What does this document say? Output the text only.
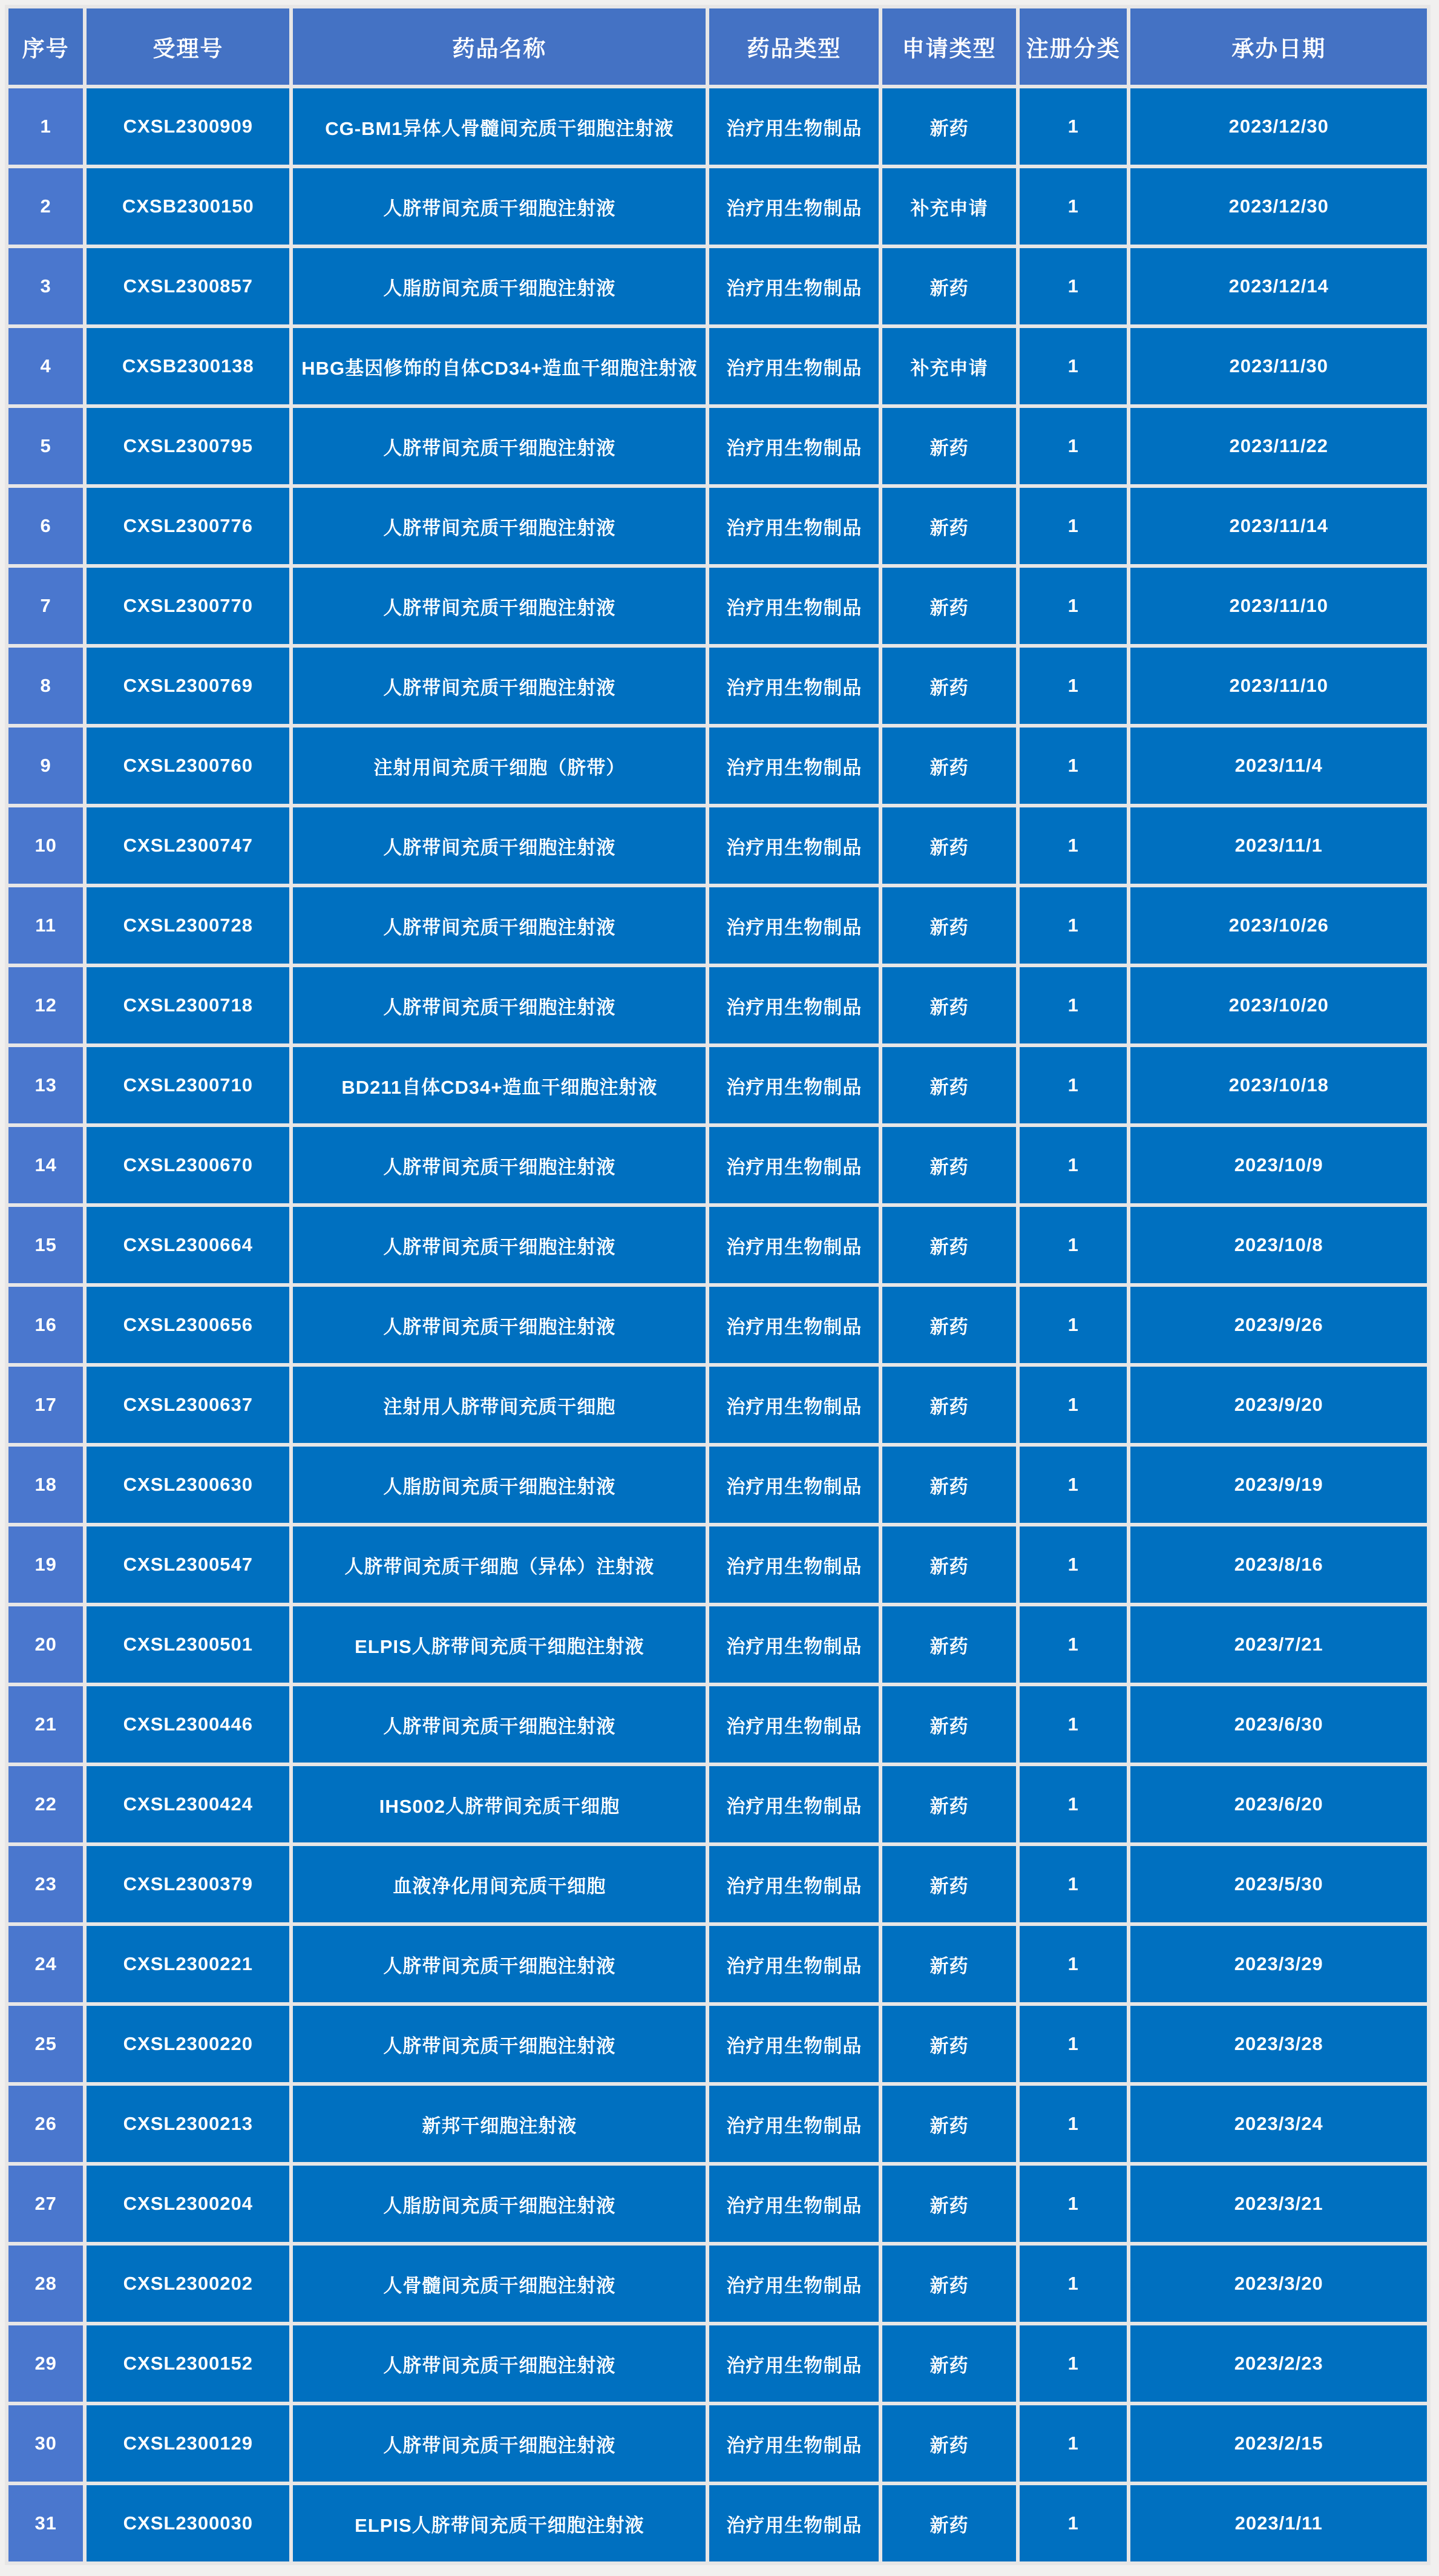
序号	受理号	药品名称	药品类型	申请类型	注册分类	承办日期
1	CXSL2300909	CG-BM1异体人骨髓间充质干细胞注射液	治疗用生物制品	新药	1	2023/12/30
2	CXSB2300150	人脐带间充质干细胞注射液	治疗用生物制品	补充申请	1	2023/12/30
3	CXSL2300857	人脂肪间充质干细胞注射液	治疗用生物制品	新药	1	2023/12/14
4	CXSB2300138	HBG基因修饰的自体CD34+造血干细胞注射液	治疗用生物制品	补充申请	1	2023/11/30
5	CXSL2300795	人脐带间充质干细胞注射液	治疗用生物制品	新药	1	2023/11/22
6	CXSL2300776	人脐带间充质干细胞注射液	治疗用生物制品	新药	1	2023/11/14
7	CXSL2300770	人脐带间充质干细胞注射液	治疗用生物制品	新药	1	2023/11/10
8	CXSL2300769	人脐带间充质干细胞注射液	治疗用生物制品	新药	1	2023/11/10
9	CXSL2300760	注射用间充质干细胞（脐带）	治疗用生物制品	新药	1	2023/11/4
10	CXSL2300747	人脐带间充质干细胞注射液	治疗用生物制品	新药	1	2023/11/1
11	CXSL2300728	人脐带间充质干细胞注射液	治疗用生物制品	新药	1	2023/10/26
12	CXSL2300718	人脐带间充质干细胞注射液	治疗用生物制品	新药	1	2023/10/20
13	CXSL2300710	BD211自体CD34+造血干细胞注射液	治疗用生物制品	新药	1	2023/10/18
14	CXSL2300670	人脐带间充质干细胞注射液	治疗用生物制品	新药	1	2023/10/9
15	CXSL2300664	人脐带间充质干细胞注射液	治疗用生物制品	新药	1	2023/10/8
16	CXSL2300656	人脐带间充质干细胞注射液	治疗用生物制品	新药	1	2023/9/26
17	CXSL2300637	注射用人脐带间充质干细胞	治疗用生物制品	新药	1	2023/9/20
18	CXSL2300630	人脂肪间充质干细胞注射液	治疗用生物制品	新药	1	2023/9/19
19	CXSL2300547	人脐带间充质干细胞（异体）注射液	治疗用生物制品	新药	1	2023/8/16
20	CXSL2300501	ELPIS人脐带间充质干细胞注射液	治疗用生物制品	新药	1	2023/7/21
21	CXSL2300446	人脐带间充质干细胞注射液	治疗用生物制品	新药	1	2023/6/30
22	CXSL2300424	IHS002人脐带间充质干细胞	治疗用生物制品	新药	1	2023/6/20
23	CXSL2300379	血液净化用间充质干细胞	治疗用生物制品	新药	1	2023/5/30
24	CXSL2300221	人脐带间充质干细胞注射液	治疗用生物制品	新药	1	2023/3/29
25	CXSL2300220	人脐带间充质干细胞注射液	治疗用生物制品	新药	1	2023/3/28
26	CXSL2300213	新邦干细胞注射液	治疗用生物制品	新药	1	2023/3/24
27	CXSL2300204	人脂肪间充质干细胞注射液	治疗用生物制品	新药	1	2023/3/21
28	CXSL2300202	人骨髓间充质干细胞注射液	治疗用生物制品	新药	1	2023/3/20
29	CXSL2300152	人脐带间充质干细胞注射液	治疗用生物制品	新药	1	2023/2/23
30	CXSL2300129	人脐带间充质干细胞注射液	治疗用生物制品	新药	1	2023/2/15
31	CXSL2300030	ELPIS人脐带间充质干细胞注射液	治疗用生物制品	新药	1	2023/1/11
